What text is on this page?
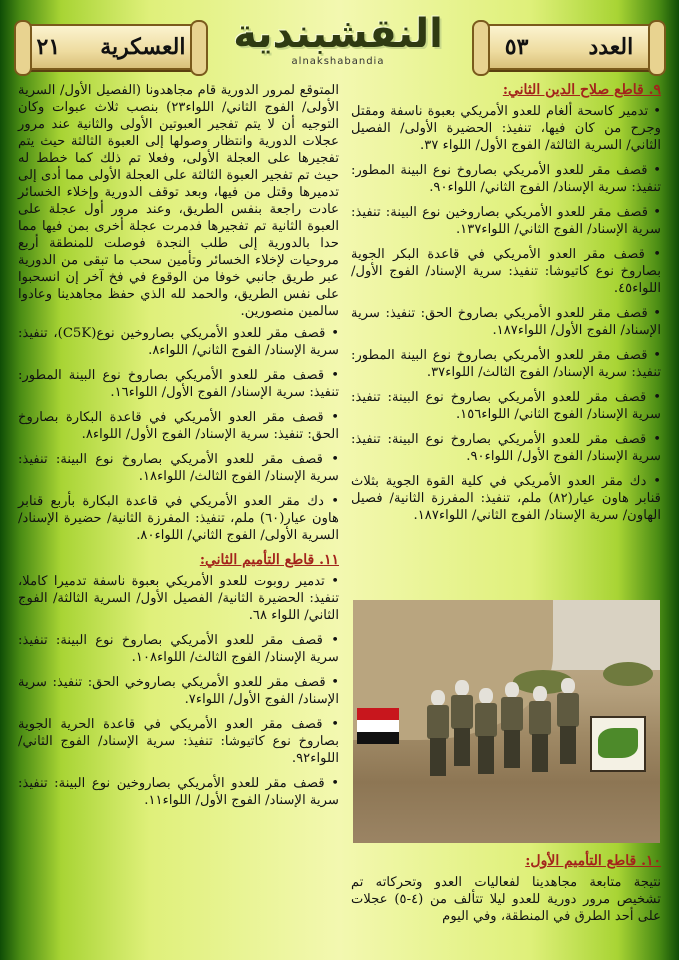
العسكرية
٢١	النقشبندية
alnakshabandia
العدد
٥٣
٩. قاطع صلاح الدين الثاني:
• تدمير كاسحة ألغام للعدو الأمريكي بعبوة ناسفة ومقتل وجرح من كان فيها، تنفيذ: الحضيرة الأولى/ الفصيل الثاني/ السرية الثالثة/ الفوج الأول/ اللواء ٣٧.
• قصف مقر للعدو الأمريكي بصاروخ نوع البينة المطور: تنفيذ: سرية الإسناد/ الفوج الثاني/ اللواء٩٠.
• قصف مقر للعدو الأمريكي بصاروخين نوع البينة: تنفيذ: سرية الإسناد/ الفوج الثاني/ اللواء١٣٧.
• قصف مقر العدو الأمريكي في قاعدة البكر الجوية بصاروخ نوع كاتيوشا: تنفيذ: سرية الإسناد/ الفوج الأول/ اللواء٤٥.
• قصف مقر للعدو الأمريكي بصاروخ الحق: تنفيذ: سرية الإسناد/ الفوج الأول/ اللواء١٨٧.
• قصف مقر للعدو الأمريكي بصاروخ نوع البينة المطور: تنفيذ: سرية الإسناد/ الفوج الثالث/ اللواء٣٧.
• قصف مقر للعدو الأمريكي بصاروخ نوع البينة: تنفيذ: سرية الإسناد/ الفوج الثاني/ اللواء١٥٦.
• قصف مقر للعدو الأمريكي بصاروخ نوع البينة: تنفيذ: سرية الإسناد/ الفوج الأول/ اللواء٩٠.
• دك مقر العدو الأمريكي في كلية القوة الجوية بثلاث قنابر هاون عيار(٨٢) ملم، تنفيذ: المفرزة الثانية/ فصيل الهاون/ سرية الإسناد/ الفوج الثاني/ اللواء١٨٧.
١٠. قاطع التأميم الأول:
نتيجة متابعة مجاهدينا لفعاليات العدو وتحركاته تم تشخيص مرور دورية للعدو ليلا تتألف من (٤-٥) عجلات على أحد الطرق في المنطقة، وفي اليوم
المتوقع لمرور الدورية قام مجاهدونا (الفصيل الأول/ السرية الأولى/ الفوج الثاني/ اللواء٢٣) بنصب ثلاث عبوات وكان التوجيه أن لا يتم تفجير العبوتين الأولى والثانية عند مرور عجلات الدورية وانتظار وصولها إلى العبوة الثالثة حيث يتم تفجيرها على العجلة الأولى، وفعلا تم ذلك كما خطط له حيث تم تفجير العبوة الثالثة على العجلة الأولى مما أدى إلى تدميرها وقتل من فيها، وبعد توقف الدورية وإخلاء الخسائر عادت راجعة بنفس الطريق، وعند مرور أول عجلة على العبوة الثانية تم تفجيرها فدمرت عجلة أخرى بمن فيها مما حدا بالدورية إلى طلب النجدة فوصلت للمنطقة أربع مروحيات لإخلاء الخسائر وتأمين سحب ما تبقى من الدورية عبر طريق جانبي خوفا من الوقوع في فخ آخر إن انسحبوا على نفس الطريق، والحمد لله الذي حفظ مجاهدينا وعادوا سالمين منصورين.
• قصف مقر للعدو الأمريكي بصاروخين نوع(C5K)، تنفيذ: سرية الإسناد/ الفوج الثاني/ اللواء٨.
• قصف مقر للعدو الأمريكي بصاروخ نوع البينة المطور: تنفيذ: سرية الإسناد/ الفوج الأول/ اللواء١٦.
• قصف مقر العدو الأمريكي في قاعدة البكارة بصاروخ الحق: تنفيذ: سرية الإسناد/ الفوج الأول/ اللواء٨.
• قصف مقر للعدو الأمريكي بصاروخ نوع البينة: تنفيذ: سرية الإسناد/ الفوج الثالث/ اللواء١٨.
• دك مقر العدو الأمريكي في قاعدة البكارة بأربع قنابر هاون عيار(٦٠) ملم، تنفيذ: المفرزة الثانية/ حضيرة الإسناد/ السرية الأولى/ الفوج الثاني/ اللواء٨٠.
١١. قاطع التأميم الثاني:
• تدمير روبوت للعدو الأمريكي بعبوة ناسفة تدميرا كاملا، تنفيذ: الحضيرة الثانية/ الفصيل الأول/ السرية الثالثة/ الفوج الثاني/ اللواء ٦٨.
• قصف مقر للعدو الأمريكي بصاروخ نوع البينة: تنفيذ: سرية الإسناد/ الفوج الثالث/ اللواء١٠٨.
• قصف مقر للعدو الأمريكي بصاروخي الحق: تنفيذ: سرية الإسناد/ الفوج الأول/ اللواء٧.
• قصف مقر العدو الأمريكي في قاعدة الحرية الجوية بصاروخ نوع كاتيوشا: تنفيذ: سرية الإسناد/ الفوج الثاني/ اللواء٩٢.
• قصف مقر للعدو الأمريكي بصاروخين نوع البينة: تنفيذ: سرية الإسناد/ الفوج الأول/ اللواء١١.
